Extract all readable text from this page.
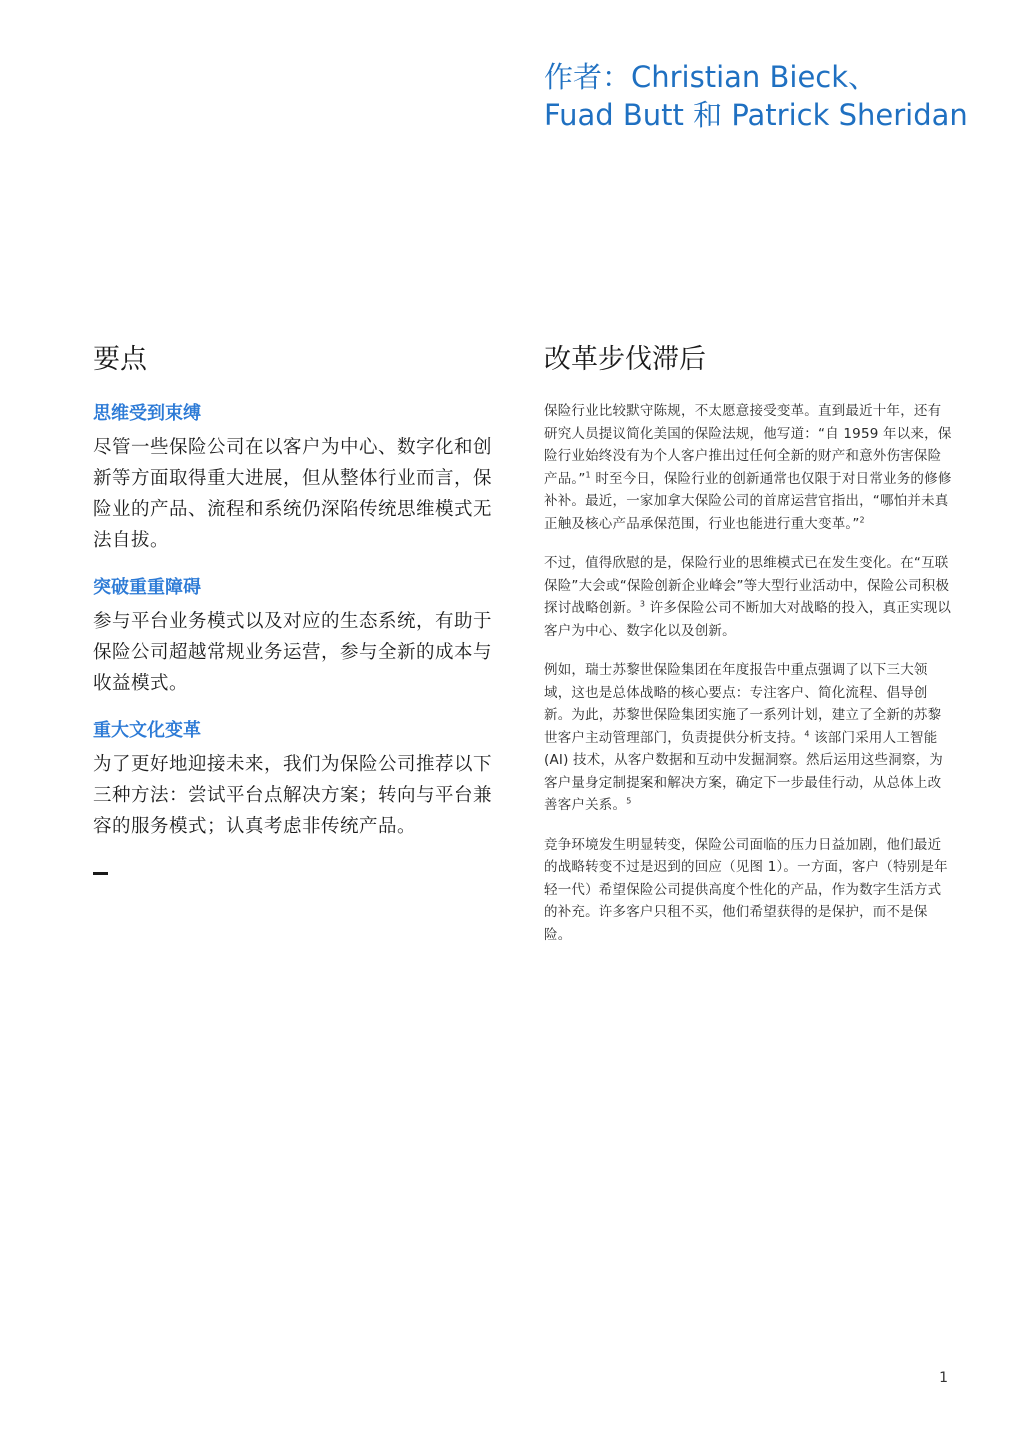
作者：Christian Bieck、
Fuad Butt 和 Patrick Sheridan
要点
思维受到束缚

尽管一些保险公司在以客户为中心、数字化和创新等方面取得重大进展，但从整体行业而言，保险业的产品、流程和系统仍深陷传统思维模式无法自拔。

突破重重障碍

参与平台业务模式以及对应的生态系统，有助于保险公司超越常规业务运营，参与全新的成本与收益模式。

重大文化变革

为了更好地迎接未来，我们为保险公司推荐以下三种方法：尝试平台点解决方案；转向与平台兼容的服务模式；认真考虑非传统产品。

改革步伐滞后

保险行业比较默守陈规，不太愿意接受变革。直到最近十年，还有研究人员提议简化美国的保险法规，他写道：“自 1959 年以来，保险行业始终没有为个人客户推出过任何全新的财产和意外伤害保险产品。”$^1$ 时至今日，保险行业的创新通常也仅限于对日常业务的修修补补。最近，一家加拿大保险公司的首席运营官指出，“哪怕并未真正触及核心产品承保范围，行业也能进行重大变革。”$^2$

不过，值得欣慰的是，保险行业的思维模式已在发生变化。在“互联保险”大会或“保险创新企业峰会”等大型行业活动中，保险公司积极探讨战略创新。$^3$ 许多保险公司不断加大对战略的投入，真正实现以客户为中心、数字化以及创新。

例如，瑞士苏黎世保险集团在年度报告中重点强调了以下三大领域，这也是总体战略的核心要点：专注客户、简化流程、倡导创新。为此，苏黎世保险集团实施了一系列计划，建立了全新的苏黎世客户主动管理部门，负责提供分析支持。$^4$ 该部门采用人工智能 (AI) 技术，从客户数据和互动中发掘洞察。然后运用这些洞察，为客户量身定制提案和解决方案，确定下一步最佳行动，从总体上改善客户关系。$^5$

竞争环境发生明显转变，保险公司面临的压力日益加剧，他们最近的战略转变不过是迟到的回应（见图 1）。一方面，客户（特别是年轻一代）希望保险公司提供高度个性化的产品，作为数字生活方式的补充。许多客户只租不买，他们希望获得的是保护，而不是保险。

1
